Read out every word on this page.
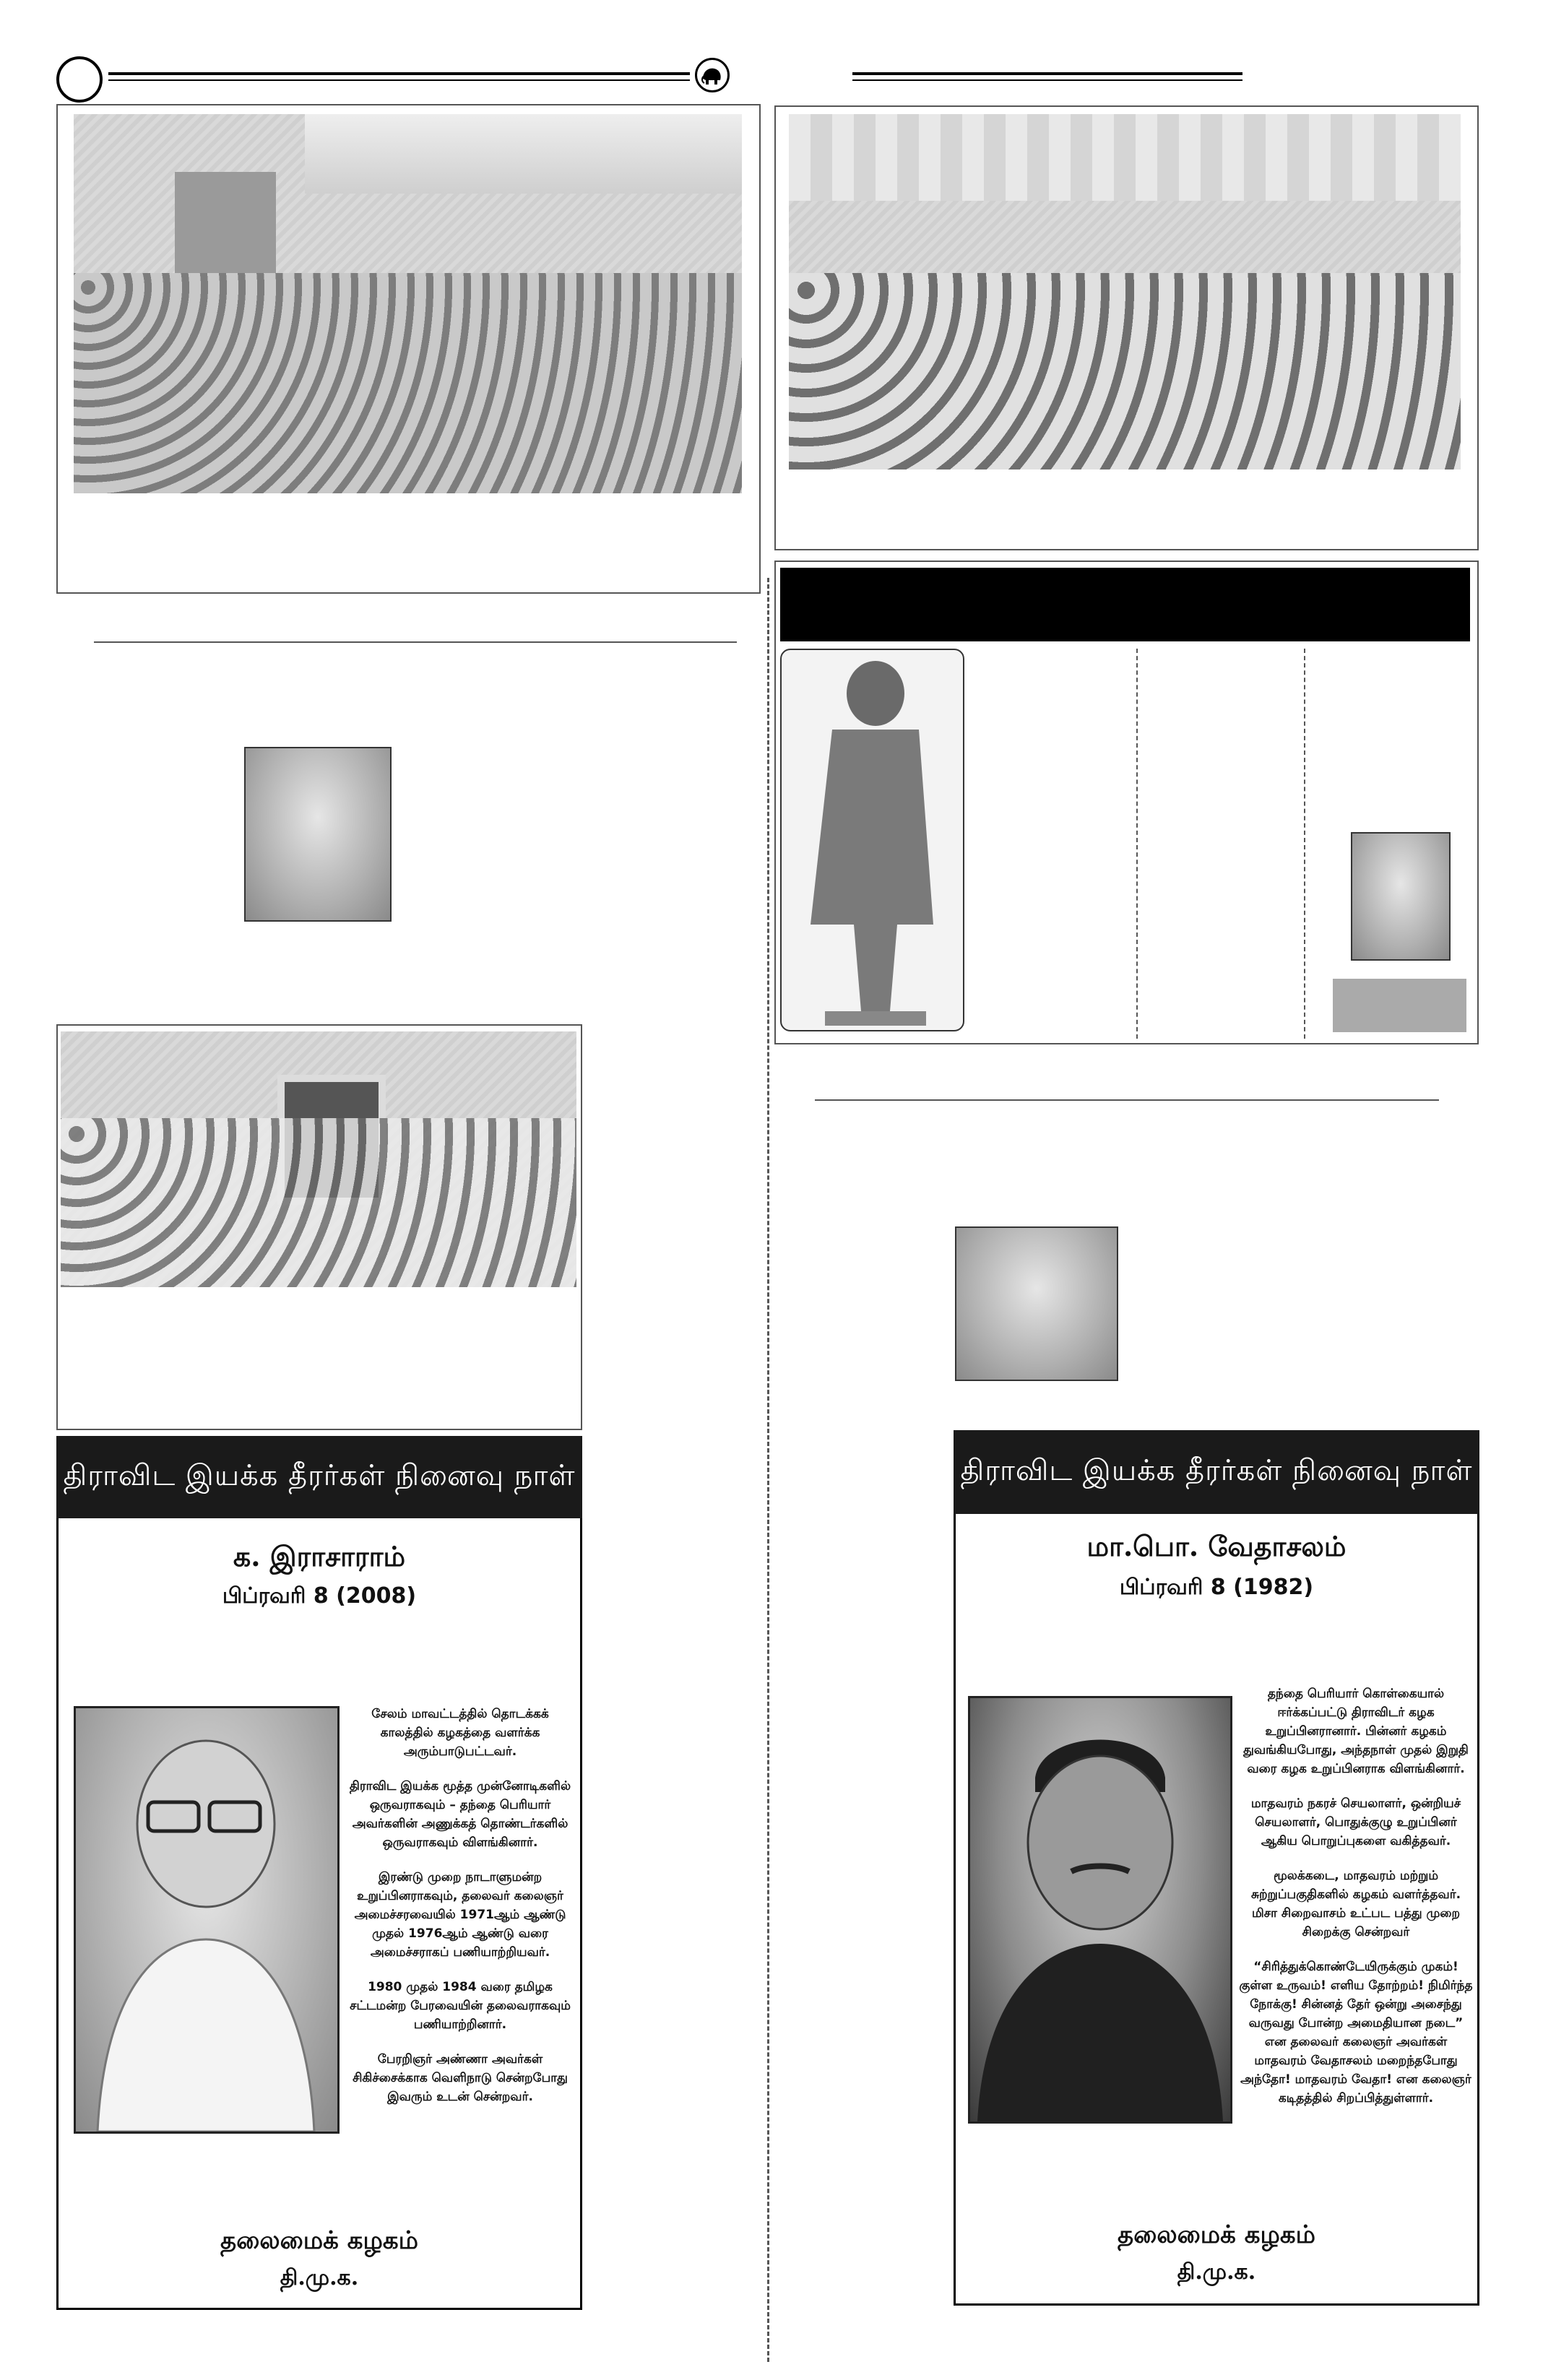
திராவிட இயக்க தீரர்கள் நினைவு நாள்
க. இராசாராம்
பிப்ரவரி 8 (2008)

சேலம் மாவட்டத்தில் தொடக்கக் காலத்தில் கழகத்தை வளர்க்க அரும்பாடுபட்டவர்.

திராவிட இயக்க மூத்த முன்னோடிகளில் ஒருவராகவும் – தந்தை பெரியார் அவர்களின் அணுக்கத் தொண்டர்களில் ஒருவராகவும் விளங்கினார்.

இரண்டு முறை நாடாளுமன்ற உறுப்பினராகவும், தலைவர் கலைஞர் அமைச்சரவையில் 1971ஆம் ஆண்டு முதல் 1976ஆம் ஆண்டு வரை அமைச்சராகப் பணியாற்றியவர்.

1980 முதல் 1984 வரை தமிழக சட்டமன்ற பேரவையின் தலைவராகவும் பணியாற்றினார்.

பேரறிஞர் அண்ணா அவர்கள் சிகிச்சைக்காக வெளிநாடு சென்றபோது இவரும் உடன் சென்றவர்.

தலைமைக் கழகம்
தி.மு.க.
திராவிட இயக்க தீரர்கள் நினைவு நாள்
மா.பொ. வேதாசலம்
பிப்ரவரி 8 (1982)

தந்தை பெரியார் கொள்கையால் ஈர்க்கப்பட்டு திராவிடர் கழக உறுப்பினரானார். பின்னர் கழகம் துவங்கியபோது, அந்தநாள் முதல் இறுதி வரை கழக உறுப்பினராக விளங்கினார்.

மாதவரம் நகரச் செயலாளர், ஒன்றியச் செயலாளர், பொதுக்குழு உறுப்பினர் ஆகிய பொறுப்புகளை வகித்தவர்.

மூலக்கடை, மாதவரம் மற்றும் சுற்றுப்பகுதிகளில் கழகம் வளர்த்தவர். மிசா சிறைவாசம் உட்பட பத்து முறை சிறைக்கு சென்றவர்

“சிரித்துக்கொண்டேயிருக்கும் முகம்! குள்ள உருவம்! எளிய தோற்றம்! நிமிர்ந்த நோக்கு! சின்னத் தேர் ஒன்று அசைந்து வருவது போன்ற அமைதியான நடை” என தலைவர் கலைஞர் அவர்கள் மாதவரம் வேதாசலம் மறைந்தபோது அந்தோ! மாதவரம் வேதா! என கலைஞர் கடிதத்தில் சிறப்பித்துள்ளார்.

தலைமைக் கழகம்
தி.மு.க.
